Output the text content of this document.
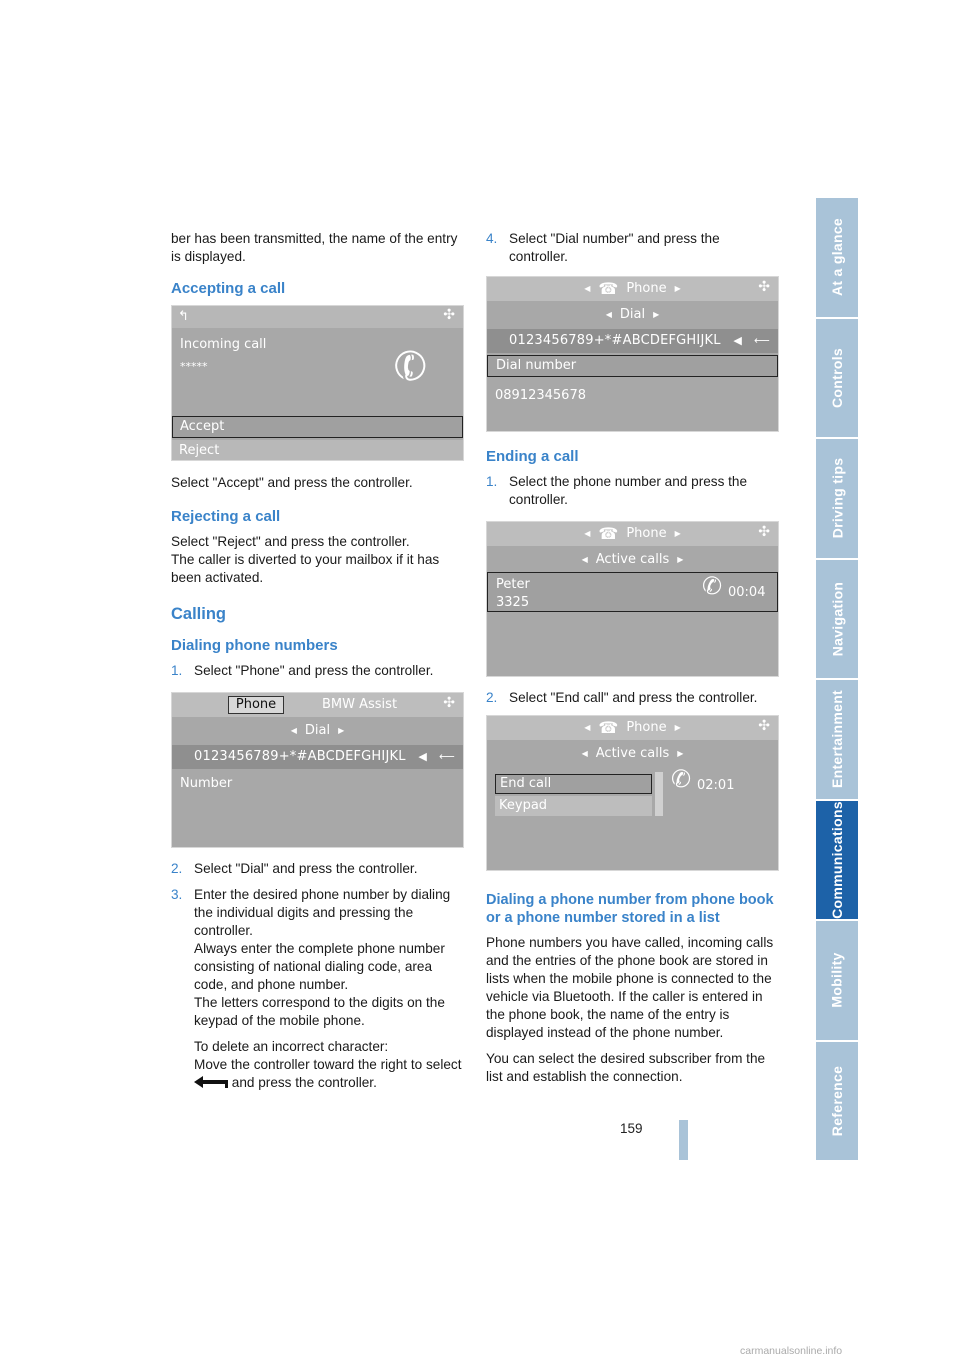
At a glance
Controls
Driving tips
Navigation
Entertainment
Communications
Mobility
Reference

ber has been transmitted, the name of the entry is displayed.

Accepting a call
↰	✣
Incoming call
*****	✆
Accept
Reject

Select "Accept" and press the controller.

Rejecting a call

Select "Reject" and press the controller.

The caller is diverted to your mailbox if it has been activated.

Calling
Dialing phone numbers
1. Select "Phone" and press the controller.
Phone	BMW Assist	✣
◀ Dial ▶
0123456789+*#ABCDEFGHIJKL ◀ ⟵
Number
2. Select "Dial" and press the controller.
3. Enter the desired phone number by dialing the individual digits and pressing the controller.

Always enter the complete phone number consisting of national dialing code, area code, and phone number.

The letters correspond to the digits on the keypad of the mobile phone.

To delete an incorrect character:

Move the controller toward the right to select  and press the controller.

4. Select "Dial number" and press the controller.
◀ ☎ Phone ▶	✣
◀ Dial ▶
0123456789+*#ABCDEFGHIJKL ◀ ⟵
Dial number
08912345678
Ending a call
1. Select the phone number and press the controller.
◀ ☎ Phone ▶	✣
◀ Active calls ▶
Peter
3325
✆ 00:04
2. Select "End call" and press the controller.
◀ ☎ Phone ▶	✣
◀ Active calls ▶
End call
Keypad
✆ 02:01
Dialing a phone number from phone book or a phone number stored in a list

Phone numbers you have called, incoming calls and the entries of the phone book are stored in lists when the mobile phone is connected to the vehicle via Bluetooth. If the caller is entered in the phone book, the name of the entry is displayed instead of the phone number.

You can select the desired subscriber from the list and establish the connection.

159
carmanualsonline.info
